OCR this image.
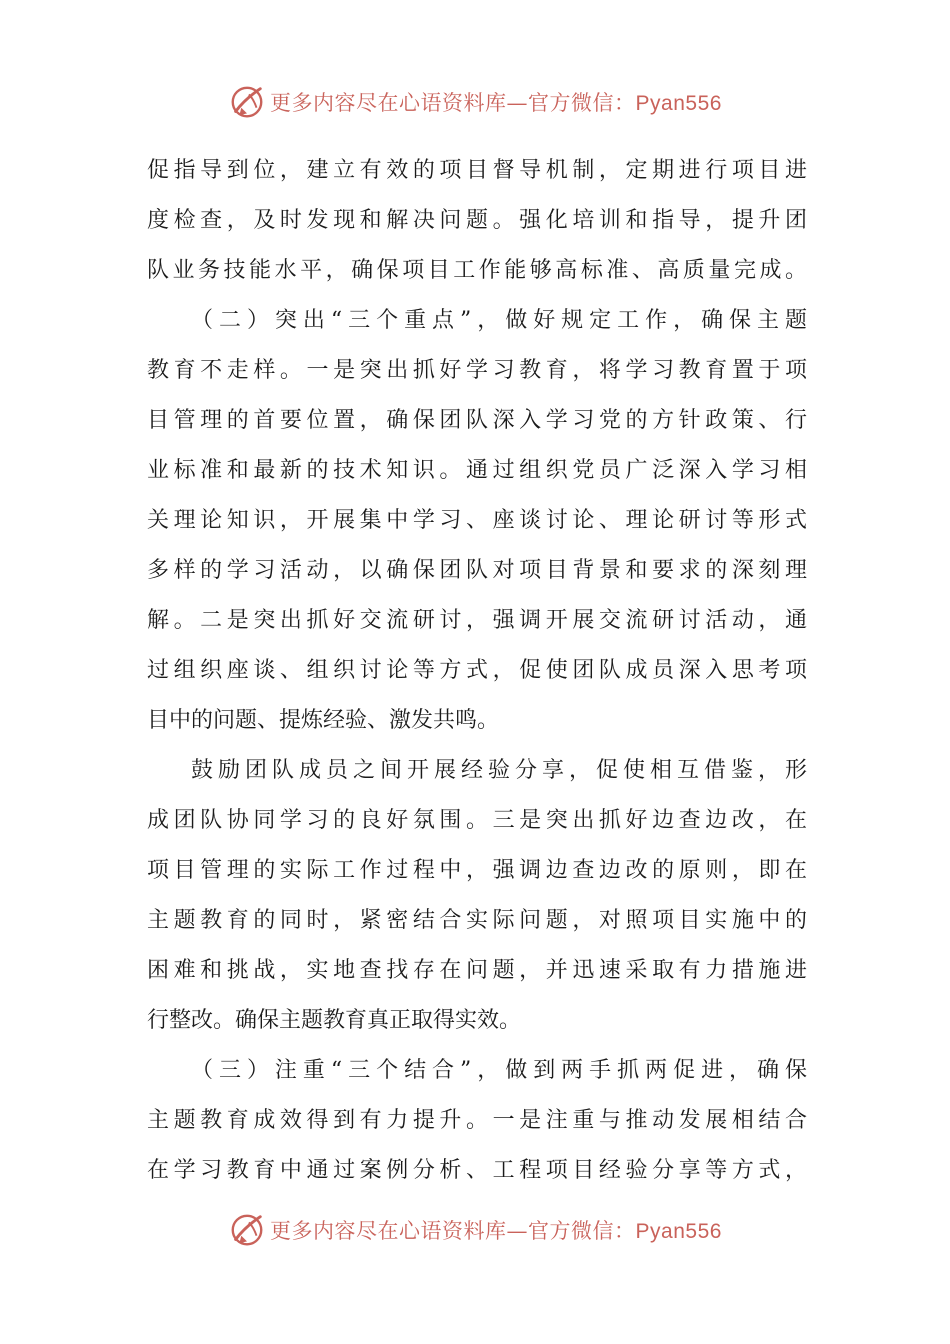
更多内容尽在心语资料库—官方微信：Pyan556
促指导到位，建立有效的项目督导机制，定期进行项目进
度检查，及时发现和解决问题。强化培训和指导，提升团
队业务技能水平，确保项目工作能够高标准、高质量完成。
（二）突出“三个重点”，做好规定工作，确保主题
教育不走样。一是突出抓好学习教育，将学习教育置于项
目管理的首要位置，确保团队深入学习党的方针政策、行
业标准和最新的技术知识。通过组织党员广泛深入学习相
关理论知识，开展集中学习、座谈讨论、理论研讨等形式
多样的学习活动，以确保团队对项目背景和要求的深刻理
解。二是突出抓好交流研讨，强调开展交流研讨活动，通
过组织座谈、组织讨论等方式，促使团队成员深入思考项
目中的问题、提炼经验、激发共鸣。
鼓励团队成员之间开展经验分享，促使相互借鉴，形
成团队协同学习的良好氛围。三是突出抓好边查边改，在
项目管理的实际工作过程中，强调边查边改的原则，即在
主题教育的同时，紧密结合实际问题，对照项目实施中的
困难和挑战，实地查找存在问题，并迅速采取有力措施进
行整改。确保主题教育真正取得实效。
（三）注重“三个结合”，做到两手抓两促进，确保
主题教育成效得到有力提升。一是注重与推动发展相结合
在学习教育中通过案例分析、工程项目经验分享等方式，
更多内容尽在心语资料库—官方微信：Pyan556
